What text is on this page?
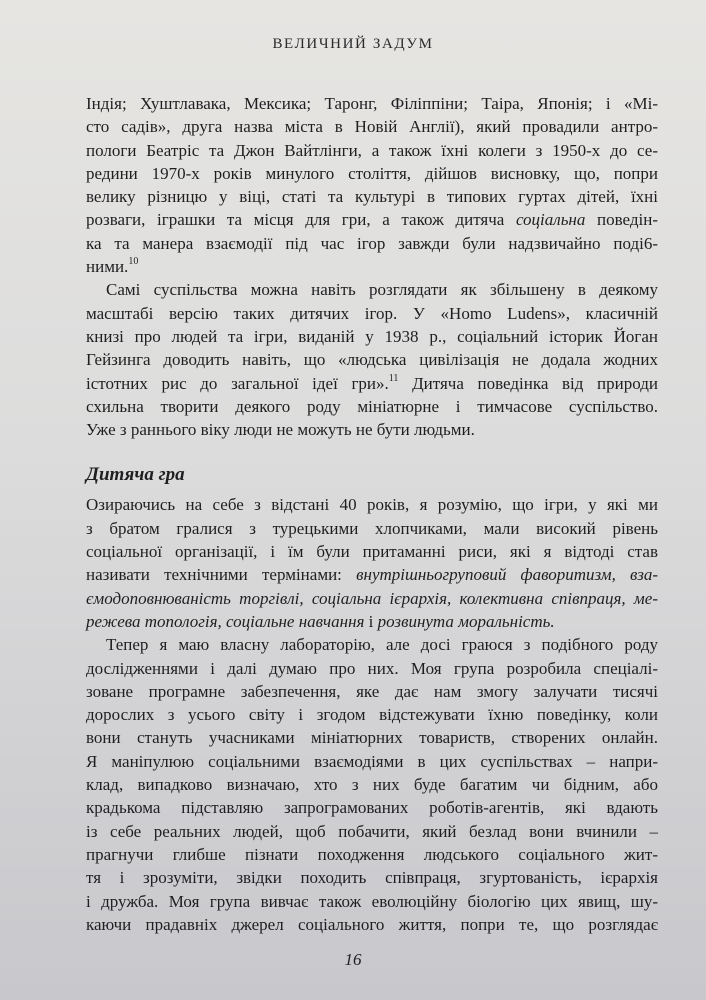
ВЕЛИЧНИЙ ЗАДУМ
Індія; Хуштлавака, Мексика; Таронг, Філіппіни; Таіра, Японія; і «Мі-
сто садів», друга назва міста в Новій Англії), який провадили антро-
пологи Беатріс та Джон Вайтлінги, а також їхні колеги з 1950-х до се-
редини 1970-х років минулого століття, дійшов висновку, що, попри
велику різницю у віці, статі та культурі в типових гуртах дітей, їхні
розваги, іграшки та місця для гри, а також дитяча соціальна поведін-
ка та манера взаємодії під час ігор завжди були надзвичайно поді6-
ними.$^{10}$
Самі суспільства можна навіть розглядати як збільшену в деякому
масштабі версію таких дитячих ігор. У «Homo Ludens», класичній
книзі про людей та ігри, виданій у 1938 р., соціальний історик Йоган
Гейзинга доводить навіть, що «людська цивілізація не додала жодних
істотних рис до загальної ідеї гри».$^{11}$ Дитяча поведінка від природи
схильна творити деякого роду мініатюрне і тимчасове суспільство.
Уже з раннього віку люди не можуть не бути людьми.
Дитяча гра
Озираючись на себе з відстані 40 років, я розумію, що ігри, у які ми
з братом гралися з турецькими хлопчиками, мали високий рівень
соціальної організації, і їм були притаманні риси, які я відтоді став
називати технічними термінами: внутрішньогруповий фаворитизм, вза-
ємодоповнюваність торгівлі, соціальна ієрархія, колективна співпраця, ме-
режева топологія, соціальне навчання і розвинута моральність.
Тепер я маю власну лабораторію, але досі граюся з подібного роду
дослідженнями і далі думаю про них. Моя група розробила спеціалі-
зоване програмне забезпечення, яке дає нам змогу залучати тисячі
дорослих з усього світу і згодом відстежувати їхню поведінку, коли
вони стануть учасниками мініатюрних товариств, створених онлайн.
Я маніпулюю соціальними взаємодіями в цих суспільствах – напри-
клад, випадково визначаю, хто з них буде багатим чи бідним, або
крадькома підставляю запрограмованих роботів-агентів, які вдають
із себе реальних людей, щоб побачити, який безлад вони вчинили –
прагнучи глибше пізнати походження людського соціального жит-
тя і зрозуміти, звідки походить співпраця, згуртованість, ієрархія
і дружба. Моя група вивчає також еволюційну біологію цих явищ, шу-
каючи прадавніх джерел соціального життя, попри те, що розглядає
16
